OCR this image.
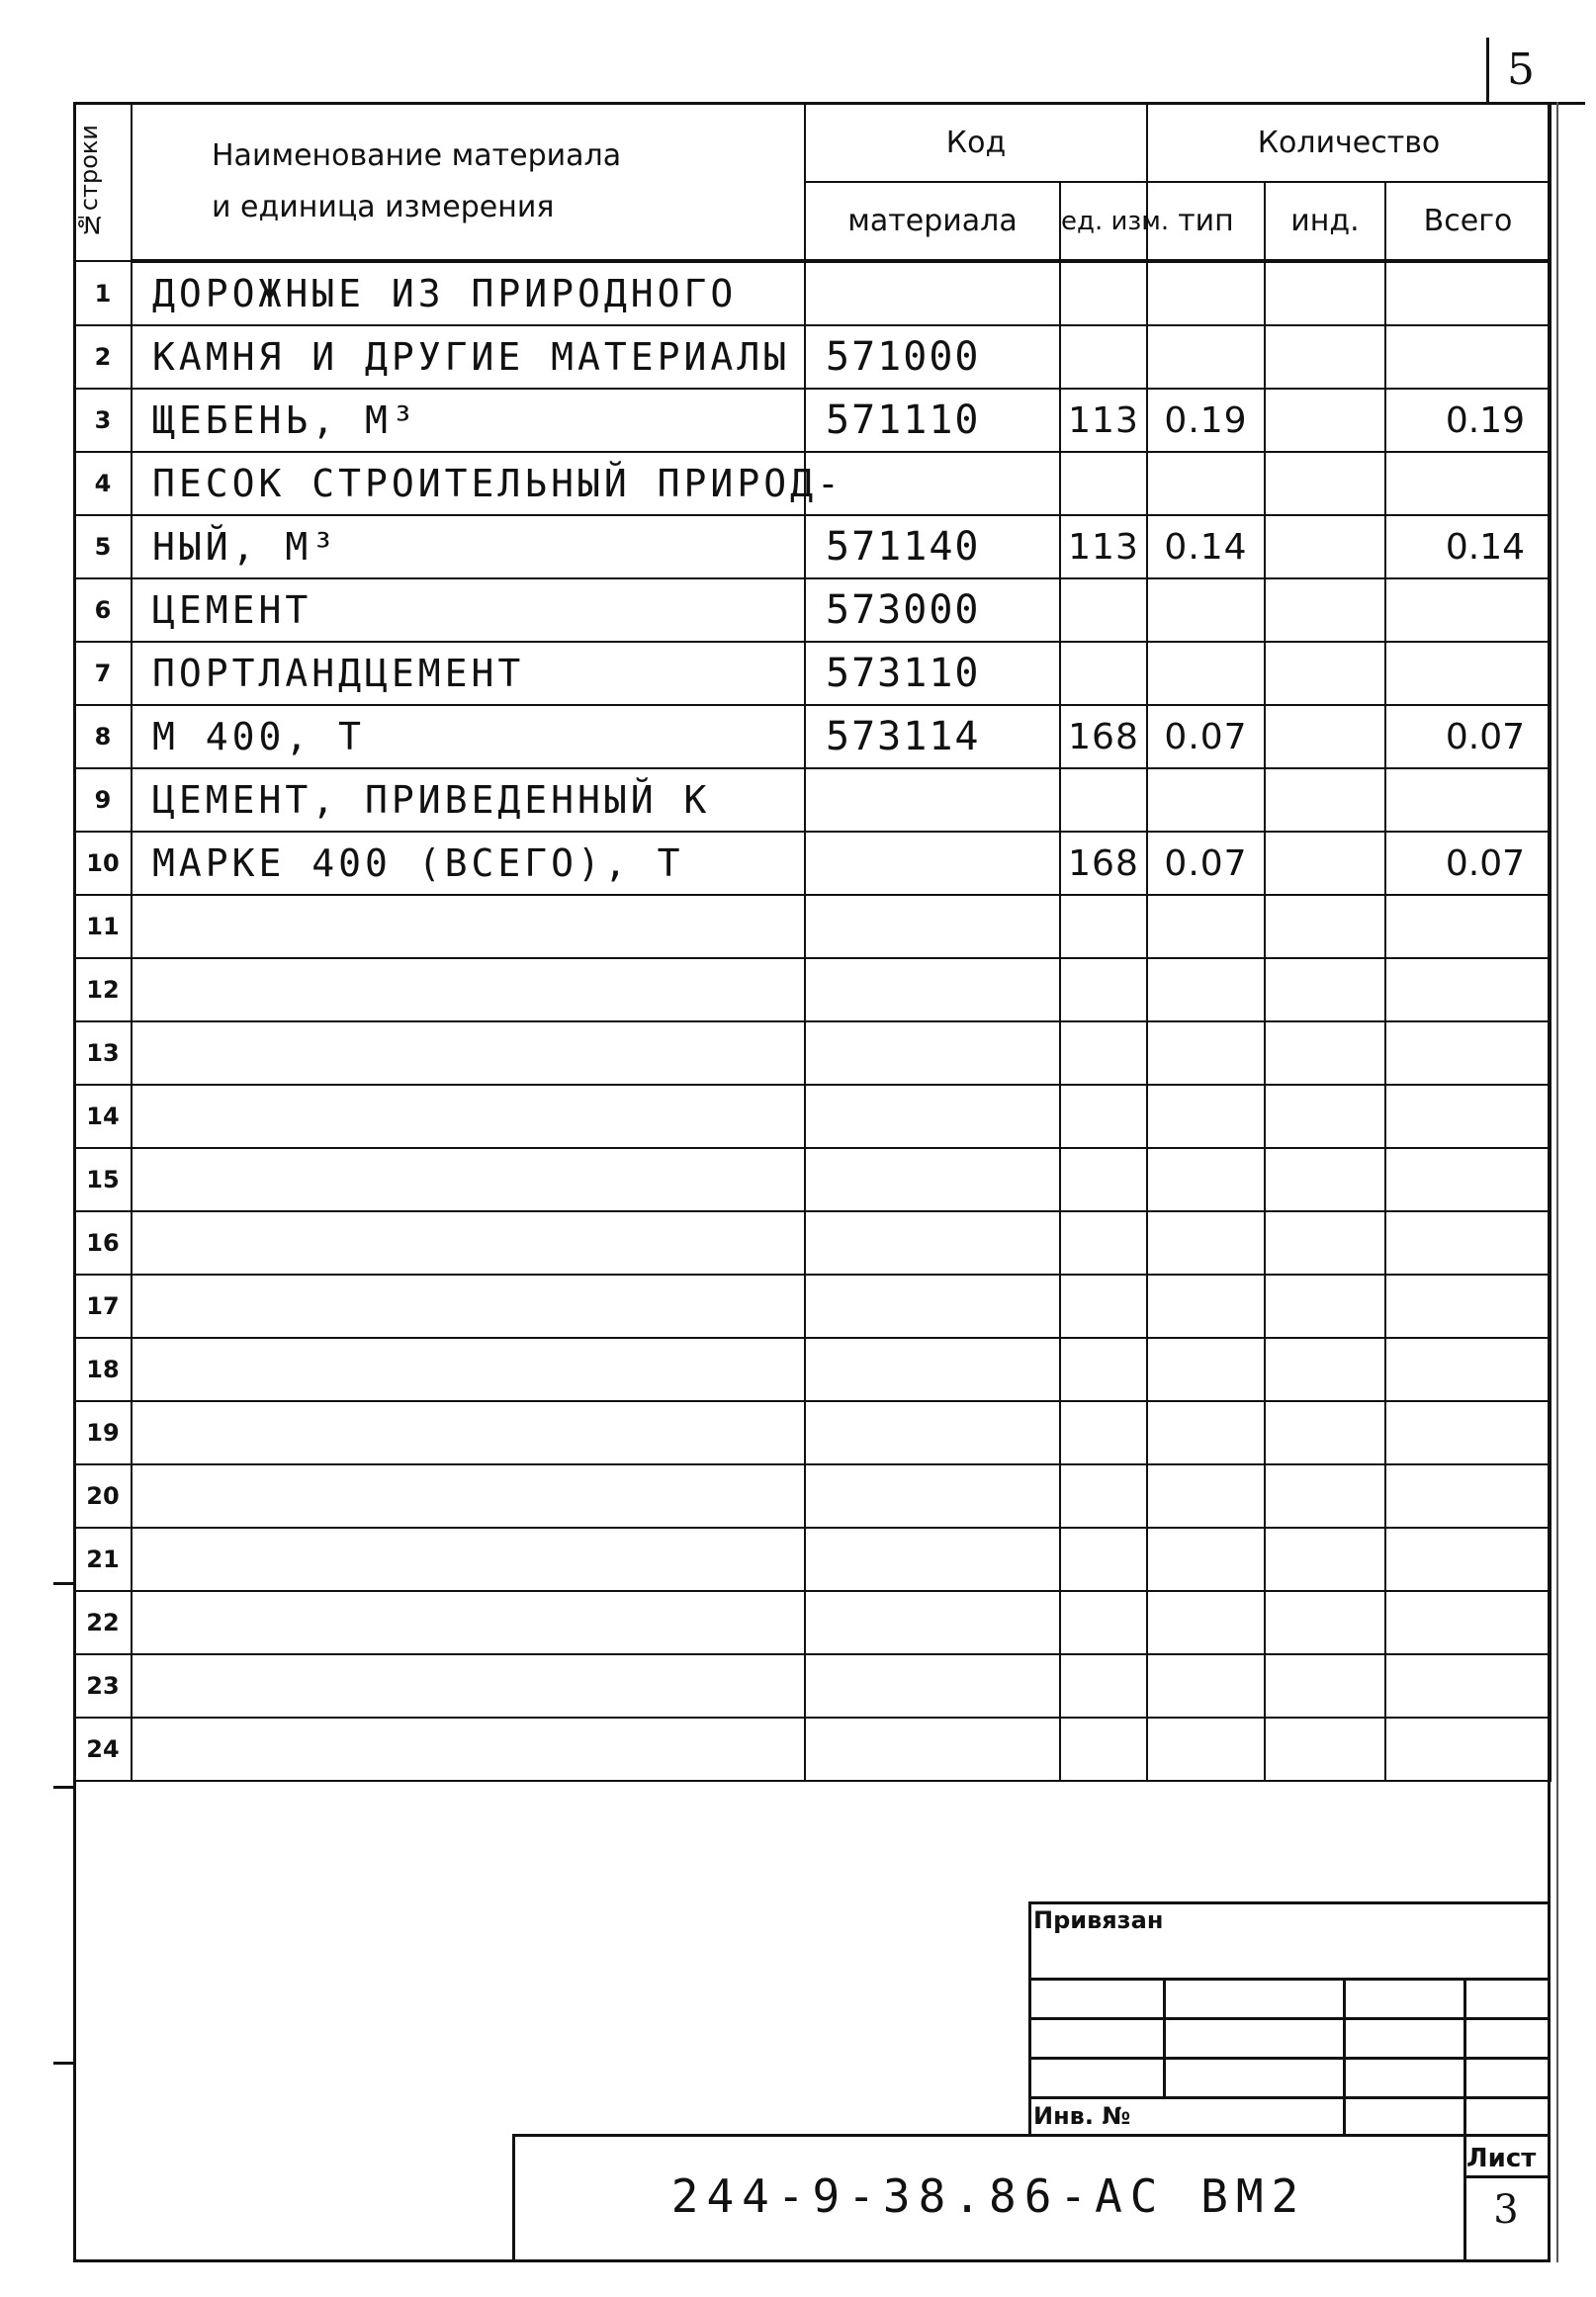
5
№строки	Наименование материала
и единица измерения	Код		Количество		
		материала	ед. изм.	тип	инд.	Всего
1	ДОРОЖНЫЕ ИЗ ПРИРОДНОГО					
2	КАМНЯ И ДРУГИЕ МАТЕРИАЛЫ	571000				
3	ЩЕБЕНЬ, М³	571110	113	0.19		0.19
4	ПЕСОК СТРОИТЕЛЬНЫЙ ПРИРОД-					
5	НЫЙ, М³	571140	113	0.14		0.14
6	ЦЕМЕНТ	573000				
7	ПОРТЛАНДЦЕМЕНТ	573110				
8	М 400, Т	573114	168	0.07		0.07
9	ЦЕМЕНТ, ПРИВЕДЕННЫЙ К					
10	МАРКЕ 400 (ВСЕГО), Т		168	0.07		0.07
11						
12						
13						
14						
15						
16						
17						
18						
19						
20						
21						
22						
23						
24						
Привязан
Инв. №
244-9-38.86-АС ВМ2
Лист
3
